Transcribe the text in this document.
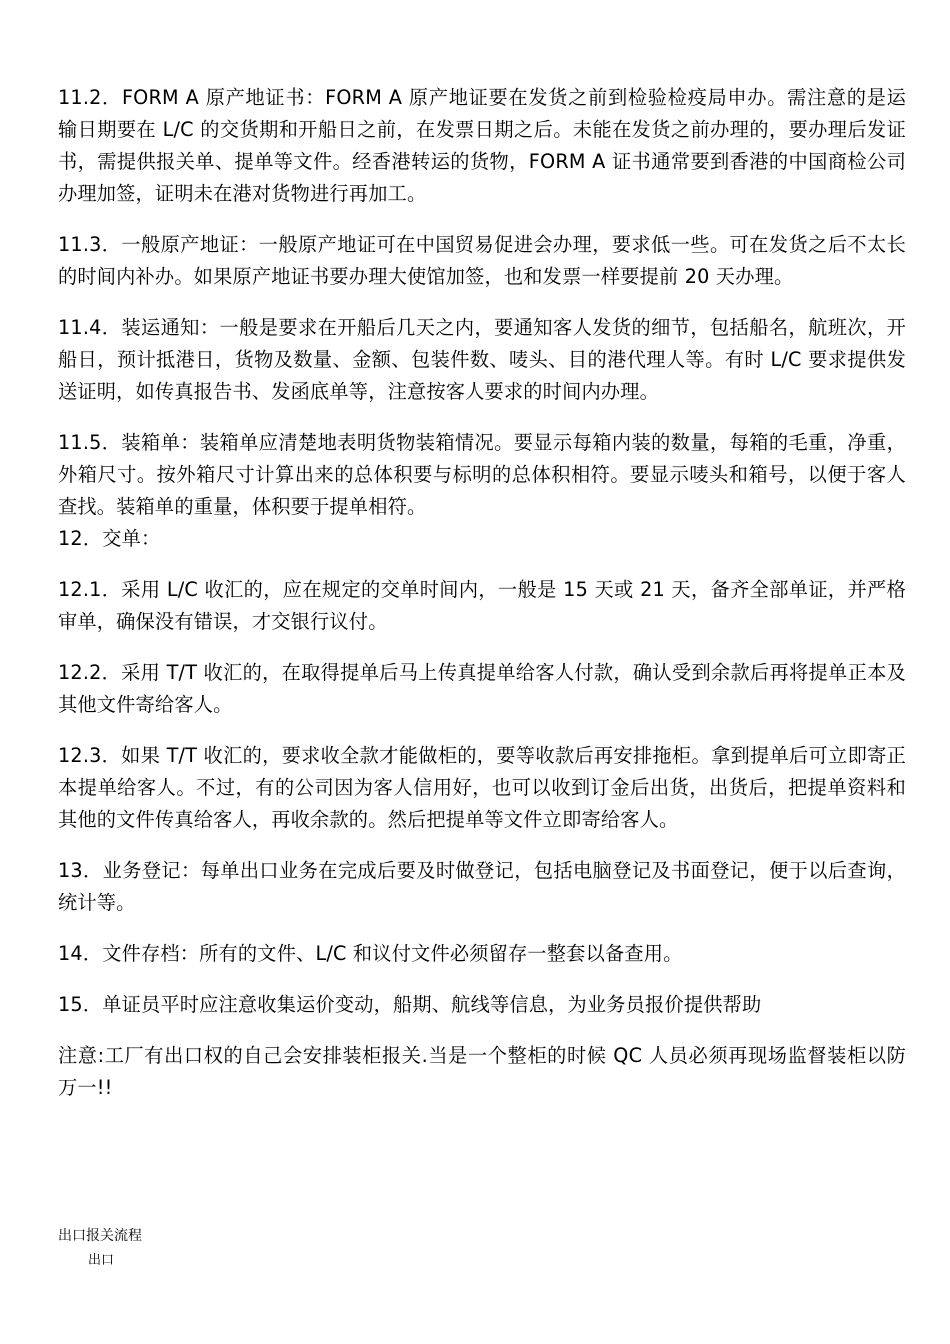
11.2．FORM A 原产地证书：FORM A 原产地证要在发货之前到检验检疫局申办。需注意的是运输日期要在 L/C 的交货期和开船日之前，在发票日期之后。未能在发货之前办理的，要办理后发证书，需提供报关单、提单等文件。经香港转运的货物，FORM A 证书通常要到香港的中国商检公司办理加签，证明未在港对货物进行再加工。

11.3．一般原产地证：一般原产地证可在中国贸易促进会办理，要求低一些。可在发货之后不太长的时间内补办。如果原产地证书要办理大使馆加签，也和发票一样要提前 20 天办理。

11.4．装运通知：一般是要求在开船后几天之内，要通知客人发货的细节，包括船名，航班次，开船日，预计抵港日，货物及数量、金额、包装件数、唛头、目的港代理人等。有时 L/C 要求提供发送证明，如传真报告书、发函底单等，注意按客人要求的时间内办理。

11.5．装箱单：装箱单应清楚地表明货物装箱情况。要显示每箱内装的数量，每箱的毛重，净重，外箱尺寸。按外箱尺寸计算出来的总体积要与标明的总体积相符。要显示唛头和箱号，以便于客人查找。装箱单的重量，体积要于提单相符。

12．交单：

12.1．采用 L/C 收汇的，应在规定的交单时间内，一般是 15 天或 21 天，备齐全部单证，并严格审单，确保没有错误，才交银行议付。

12.2．采用 T/T 收汇的，在取得提单后马上传真提单给客人付款，确认受到余款后再将提单正本及其他文件寄给客人。

12.3．如果 T/T 收汇的，要求收全款才能做柜的，要等收款后再安排拖柜。拿到提单后可立即寄正本提单给客人。不过，有的公司因为客人信用好，也可以收到订金后出货，出货后，把提单资料和其他的文件传真给客人，再收余款的。然后把提单等文件立即寄给客人。

13．业务登记：每单出口业务在完成后要及时做登记，包括电脑登记及书面登记，便于以后查询，统计等。

14．文件存档：所有的文件、L/C 和议付文件必须留存一整套以备查用。

15．单证员平时应注意收集运价变动，船期、航线等信息，为业务员报价提供帮助

注意:工厂有出口权的自己会安排装柜报关.当是一个整柜的时候 QC 人员必须再现场监督装柜以防万一!!

出口报关流程
出口
